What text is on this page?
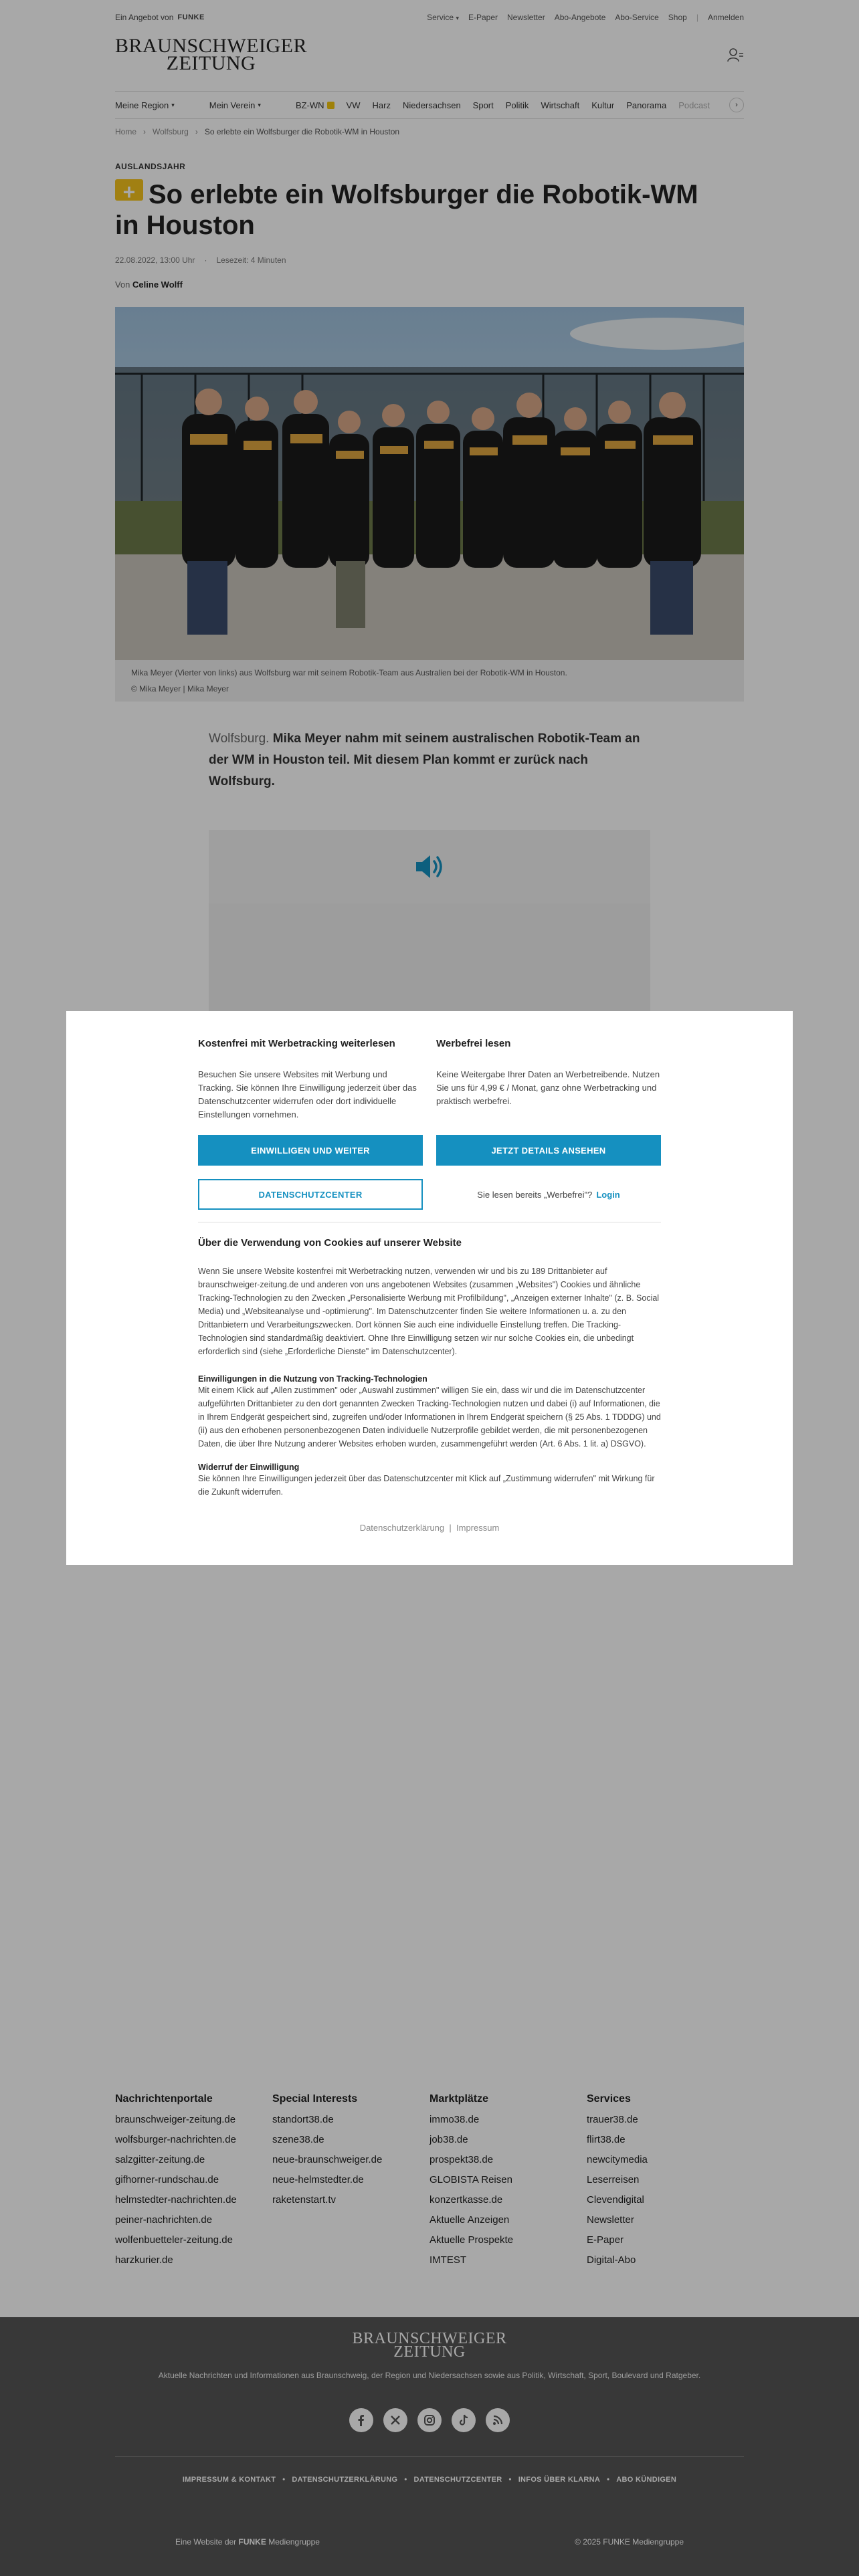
Ein Angebot von FUNKE	Service ▾ E-Paper Newsletter Abo-Angebote Abo-Service Shop | Anmelden
BRAUNSCHWEIGER
ZEITUNG
Meine Region ▾	Mein Verein ▾	BZ-WN	VW	Harz	Niedersachsen	Sport	Politik	Wirtschaft	Kultur	Panorama	Podcast	›
Home › Wolfsburg › So erlebte ein Wolfsburger die Robotik-WM in Houston
AUSLANDSJAHR
+So erlebte ein Wolfsburger die Robotik-WM in Houston
22.08.2022, 13:00 Uhr · Lesezeit: 4 Minuten
Von Celine Wolff
Mika Meyer (Vierter von links) aus Wolfsburg war mit seinem Robotik-Team aus Australien bei der Robotik-WM in Houston.
© Mika Meyer | Mika Meyer

Wolfsburg. Mika Meyer nahm mit seinem australischen Robotik-Team an der WM in Houston teil. Mit diesem Plan kommt er zurück nach Wolfsburg.

Nachrichtenportale
braunschweiger-zeitung.de
wolfsburger-nachrichten.de
salzgitter-zeitung.de
gifhorner-rundschau.de
helmstedter-nachrichten.de
peiner-nachrichten.de
wolfenbuetteler-zeitung.de
harzkurier.de
Special Interests
standort38.de
szene38.de
neue-braunschweiger.de
neue-helmstedter.de
raketenstart.tv
Marktplätze
immo38.de
job38.de
prospekt38.de
GLOBISTA Reisen
konzertkasse.de
Aktuelle Anzeigen
Aktuelle Prospekte
IMTEST
Services
trauer38.de
flirt38.de
newcitymedia
Leserreisen
Clevendigital
Newsletter
E-Paper
Digital-Abo
BRAUNSCHWEIGER
ZEITUNG
Aktuelle Nachrichten und Informationen aus Braunschweig, der Region und Niedersachsen sowie aus Politik, Wirtschaft, Sport, Boulevard und Ratgeber.
IMPRESSUM & KONTAKT • DATENSCHUTZERKLÄRUNG • DATENSCHUTZCENTER • INFOS ÜBER KLARNA • ABO KÜNDIGEN
Eine Website der FUNKE Mediengruppe	© 2025 FUNKE Mediengruppe
Kostenfrei mit Werbetracking weiterlesen

Besuchen Sie unsere Websites mit Werbung und Tracking. Sie können Ihre Einwilligung jederzeit über das Datenschutzcenter widerrufen oder dort individuelle Einstellungen vornehmen.

EINWILLIGEN UND WEITER
DATENSCHUTZCENTER
Werbefrei lesen

Keine Weitergabe Ihrer Daten an Werbetreibende. Nutzen Sie uns für 4,99 € / Monat, ganz ohne Werbetracking und praktisch werbefrei.

JETZT DETAILS ANSEHEN
Sie lesen bereits „Werbefrei"? Login
Über die Verwendung von Cookies auf unserer Website

Wenn Sie unsere Website kostenfrei mit Werbetracking nutzen, verwenden wir und bis zu 189 Drittanbieter auf braunschweiger-zeitung.de und anderen von uns angebotenen Websites (zusammen „Websites") Cookies und ähnliche Tracking-Technologien zu den Zwecken „Personalisierte Werbung mit Profilbildung", „Anzeigen externer Inhalte" (z. B. Social Media) und „Websiteanalyse und -optimierung". Im Datenschutzcenter finden Sie weitere Informationen u. a. zu den Drittanbietern und Verarbeitungszwecken. Dort können Sie auch eine individuelle Einstellung treffen. Die Tracking-Technologien sind standardmäßig deaktiviert. Ohne Ihre Einwilligung setzen wir nur solche Cookies ein, die unbedingt erforderlich sind (siehe „Erforderliche Dienste" im Datenschutzcenter).

Einwilligungen in die Nutzung von Tracking-Technologien

Mit einem Klick auf „Allen zustimmen" oder „Auswahl zustimmen" willigen Sie ein, dass wir und die im Datenschutzcenter aufgeführten Drittanbieter zu den dort genannten Zwecken Tracking-Technologien nutzen und dabei (i) auf Informationen, die in Ihrem Endgerät gespeichert sind, zugreifen und/oder Informationen in Ihrem Endgerät speichern (§ 25 Abs. 1 TDDDG) und (ii) aus den erhobenen personenbezogenen Daten individuelle Nutzerprofile gebildet werden, die mit personenbezogenen Daten, die über Ihre Nutzung anderer Websites erhoben wurden, zusammengeführt werden (Art. 6 Abs. 1 lit. a) DSGVO).

Widerruf der Einwilligung

Sie können Ihre Einwilligungen jederzeit über das Datenschutzcenter mit Klick auf „Zustimmung widerrufen" mit Wirkung für die Zukunft widerrufen.

Datenschutzerklärung  |  Impressum
